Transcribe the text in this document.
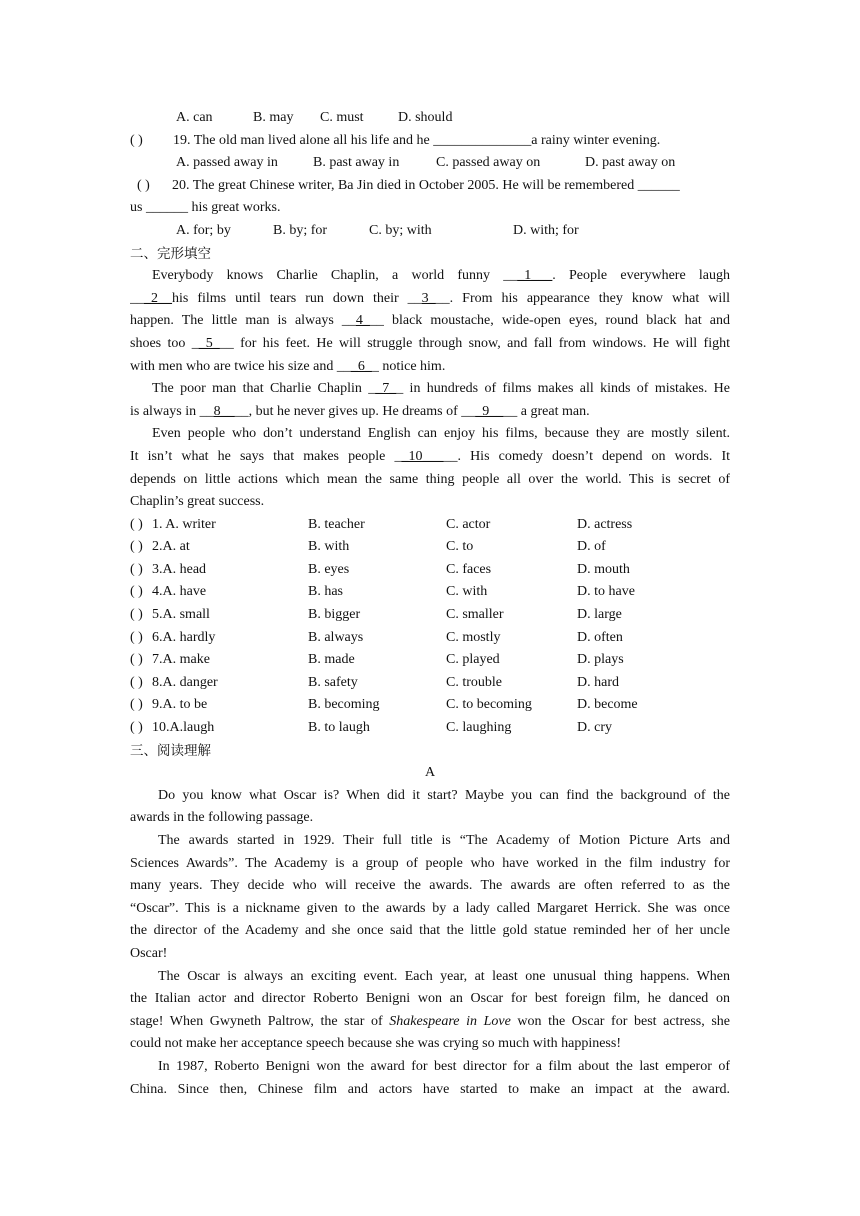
A. can	B. may C. must D. should
( ) 19. The old man lived alone all his life and he ______________a rainy winter evening.
A. passed away in	B. past away in	C. passed away on	D. past away on
( ) 20. The great Chinese writer, Ba Jin died in October 2005. He will be remembered ______
us ______ his great works.
A. for; by	B. by; for	C. by; with	D. with; for
二、完形填空
Everybody knows Charlie Chaplin, a world funny ___1___. People everywhere laugh
___2__his films until tears run down their __3___. From his appearance they know what will
happen. The little man is always __4___ black moustache, wide-open eyes, round black hat and
shoes too __5___ for his feet. He will struggle through snow, and fall from windows. He will fight
with men who are twice his size and ___6__ notice him.
The poor man that Charlie Chaplin __7__ in hundreds of films makes all kinds of mistakes. He
is always in __8____, but he never gives up. He dreams of ___9____ a great man.
Even people who don’t understand English can enjoy his films, because they are mostly silent.
It isn’t what he says that makes people __10_____. His comedy doesn’t depend on words. It
depends on little actions which mean the same thing people all over the world. This is secret of
Chaplin’s great success.
( ) 1. A. writer	B. teacher	C. actor	D. actress
( ) 2.A. at	B. with	C. to	D. of
( ) 3.A. head	B. eyes	C. faces	D. mouth
( ) 4.A. have	B. has	C. with	D. to have
( ) 5.A. small	B. bigger	C. smaller	D. large
( ) 6.A. hardly	B. always	C. mostly	D. often
( ) 7.A. make	B. made	C. played	D. plays
( ) 8.A. danger	B. safety	C. trouble	D. hard
( ) 9.A. to be	B. becoming	C. to becoming	D. become
( ) 10.A.laugh	B. to laugh	C. laughing	D. cry
三、阅读理解
A
Do you know what Oscar is? When did it start? Maybe you can find the background of the
awards in the following passage.
The awards started in 1929. Their full title is “The Academy of Motion Picture Arts and
Sciences Awards”. The Academy is a group of people who have worked in the film industry for
many years. They decide who will receive the awards. The awards are often referred to as the
“Oscar”. This is a nickname given to the awards by a lady called Margaret Herrick. She was once
the director of the Academy and she once said that the little gold statue reminded her of her uncle
Oscar!
The Oscar is always an exciting event. Each year, at least one unusual thing happens. When
the Italian actor and director Roberto Benigni won an Oscar for best foreign film, he danced on
stage! When Gwyneth Paltrow, the star of Shakespeare in Love won the Oscar for best actress, she
could not make her acceptance speech because she was crying so much with happiness!
In 1987, Roberto Benigni won the award for best director for a film about the last emperor of
China. Since then, Chinese film and actors have started to make an impact at the award.
